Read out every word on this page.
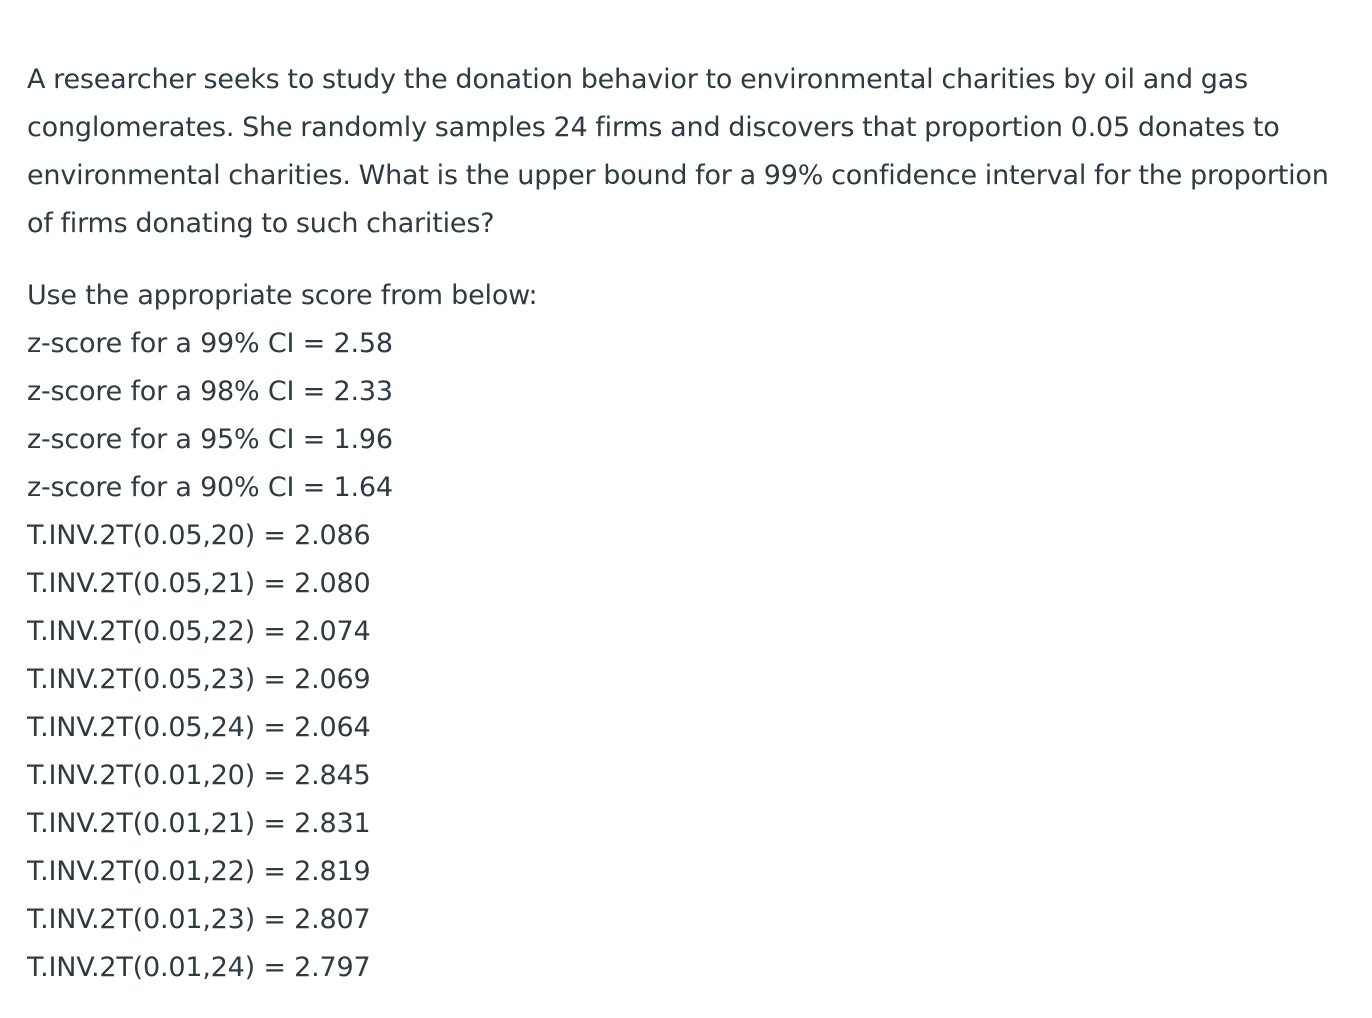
A researcher seeks to study the donation behavior to environmental charities by oil and gas conglomerates. She randomly samples 24 firms and discovers that proportion 0.05 donates to environmental charities. What is the upper bound for a 99% confidence interval for the proportion of firms donating to such charities?

Use the appropriate score from below:

z-score for a 99% CI = 2.58

z-score for a 98% CI = 2.33

z-score for a 95% CI = 1.96

z-score for a 90% CI = 1.64

T.INV.2T(0.05,20) = 2.086

T.INV.2T(0.05,21) = 2.080

T.INV.2T(0.05,22) = 2.074

T.INV.2T(0.05,23) = 2.069

T.INV.2T(0.05,24) = 2.064

T.INV.2T(0.01,20) = 2.845

T.INV.2T(0.01,21) = 2.831

T.INV.2T(0.01,22) = 2.819

T.INV.2T(0.01,23) = 2.807

T.INV.2T(0.01,24) = 2.797
